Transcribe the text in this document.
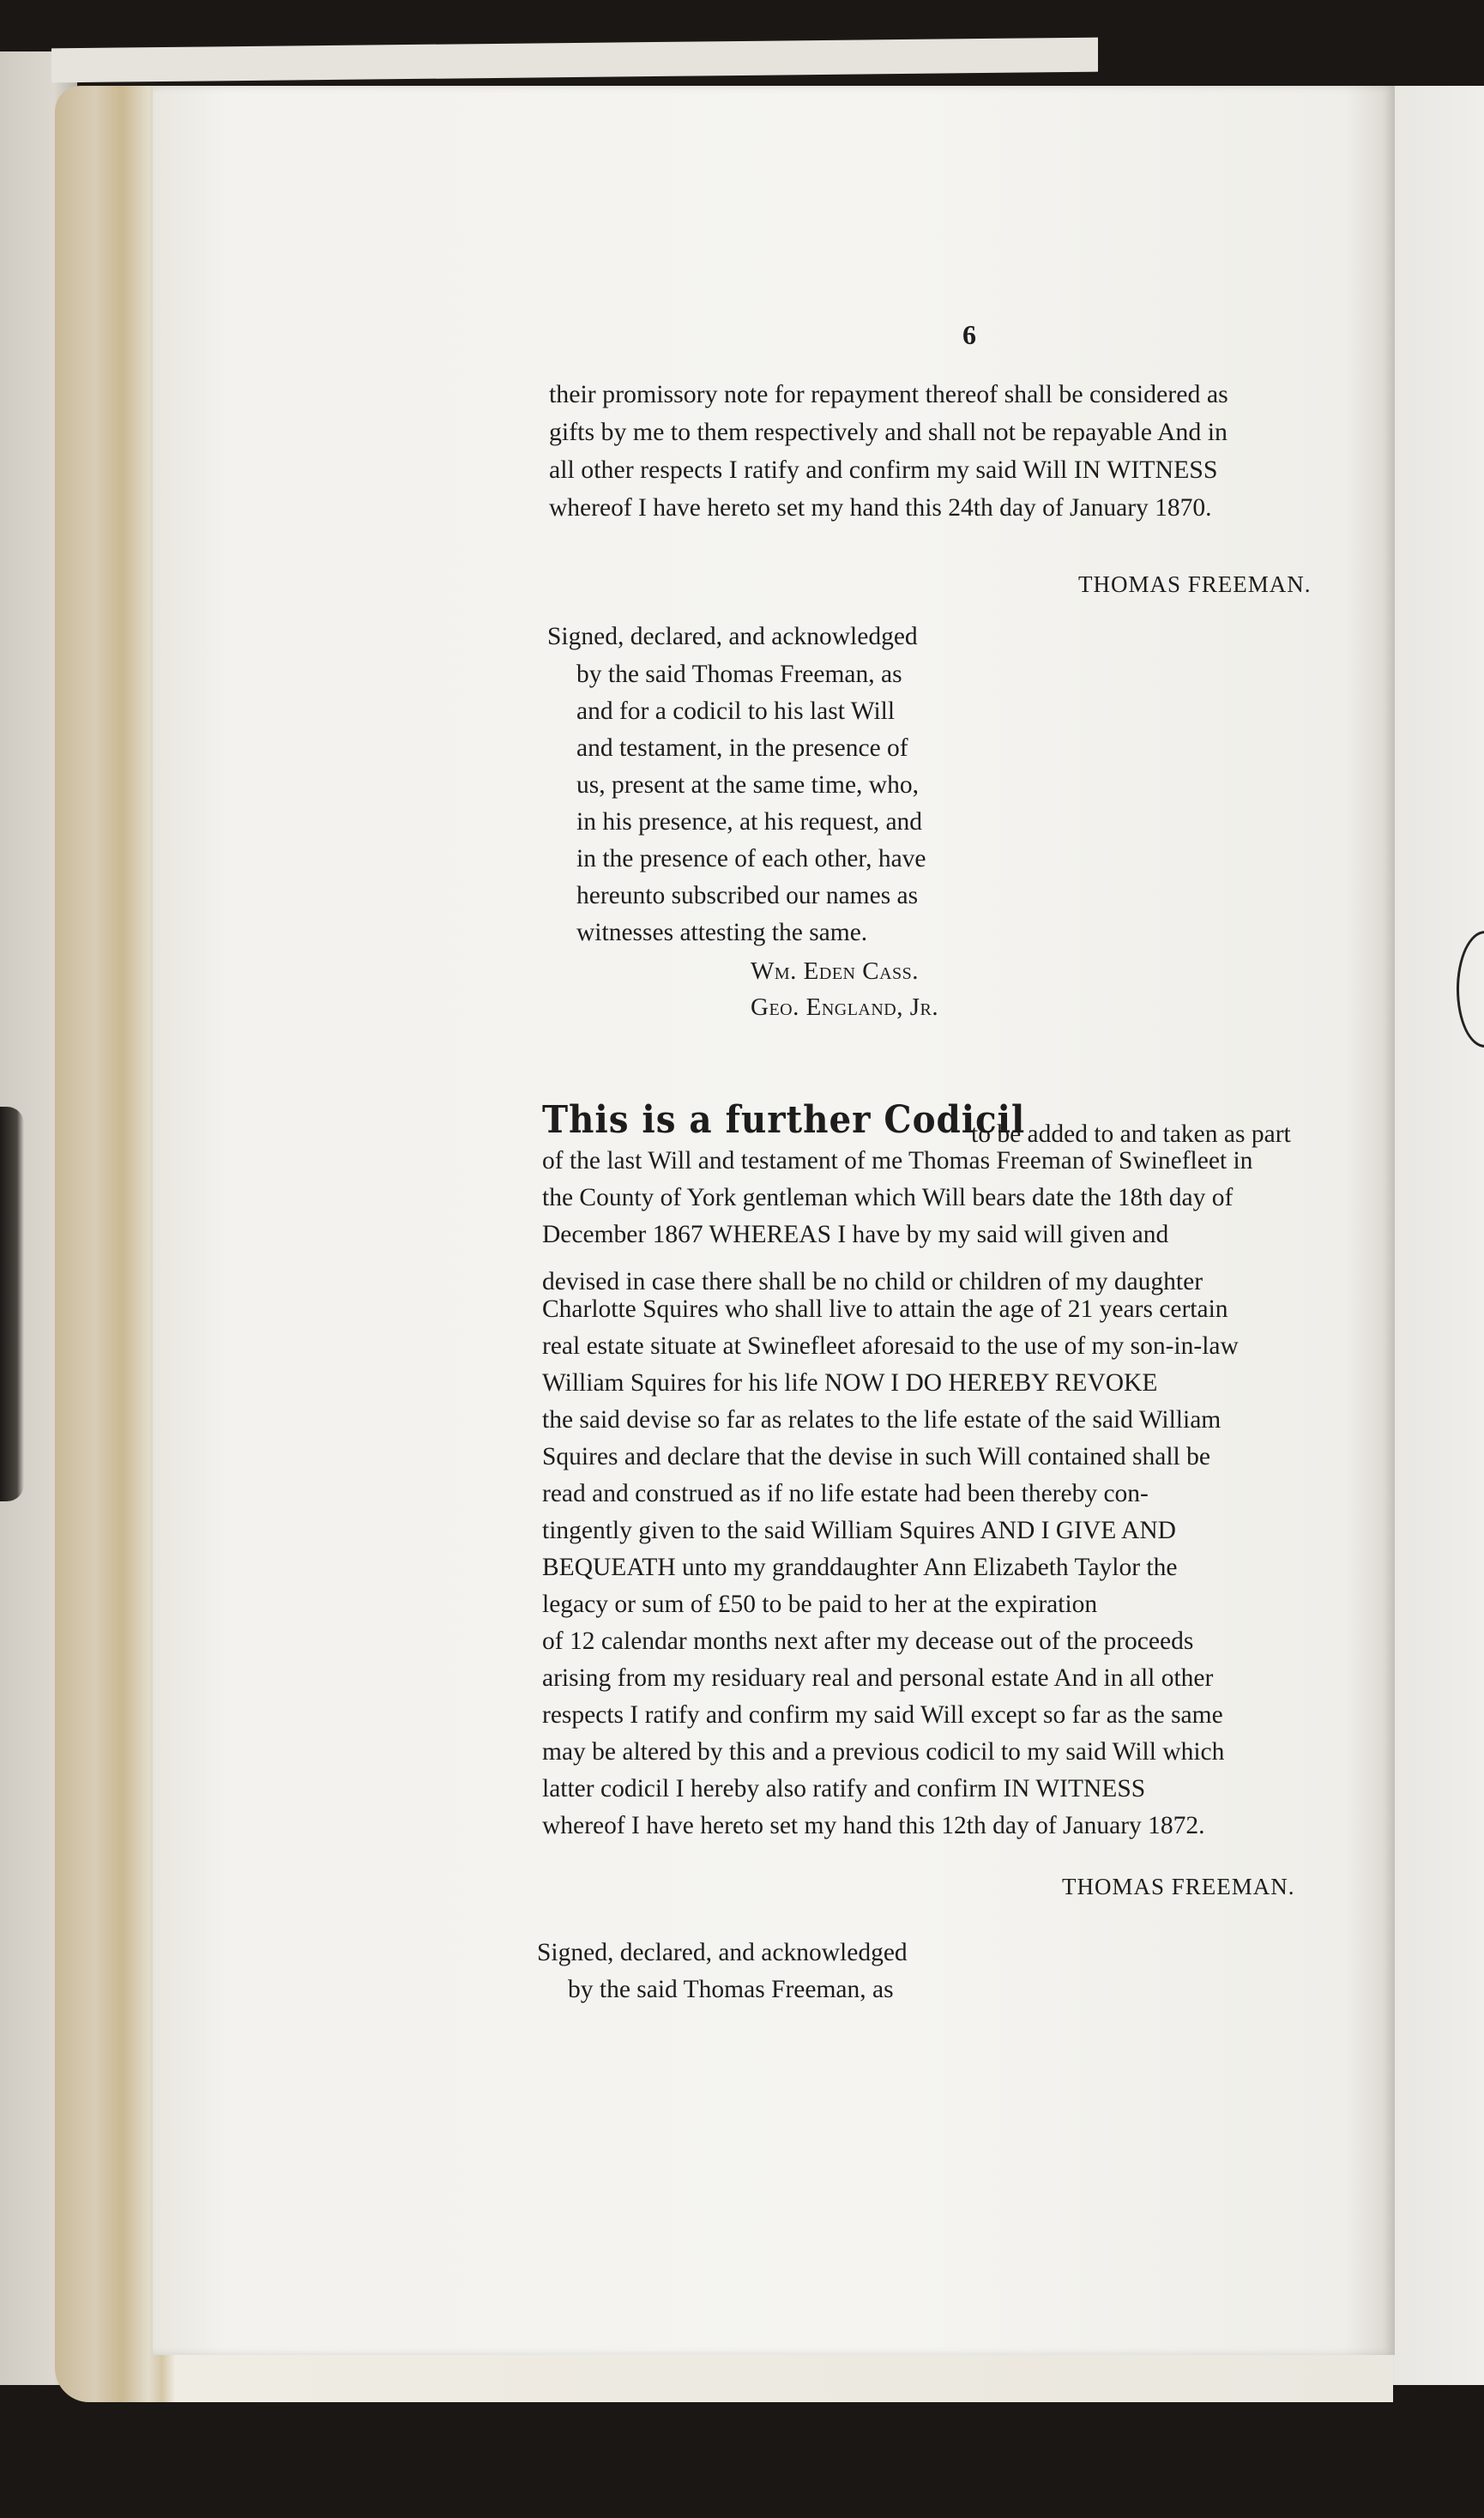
6
their promissory note for repayment thereof shall be considered as
gifts by me to them respectively and shall not be repayable And in
all other respects I ratify and confirm my said Will IN WITNESS
whereof I have hereto set my hand this 24th day of January 1870.
THOMAS FREEMAN.
Signed, declared, and acknowledged
by the said Thomas Freeman, as
and for a codicil to his last Will
and testament, in the presence of
us, present at the same time, who,
in his presence, at his request, and
in the presence of each other, have
hereunto subscribed our names as
witnesses attesting the same.
Wm. Eden Cass.
Geo. England, Jr.
This is a further Codicil
to be added to and taken as part
of the last Will and testament of me Thomas Freeman of Swinefleet in
the County of York gentleman which Will bears date the 18th day of
December 1867 WHEREAS I have by my said will given and
devised in case there shall be no child or children of my daughter
Charlotte Squires who shall live to attain the age of 21 years certain
real estate situate at Swinefleet aforesaid to the use of my son-in-law
William Squires for his life NOW I DO HEREBY REVOKE
the said devise so far as relates to the life estate of the said William
Squires and declare that the devise in such Will contained shall be
read and construed as if no life estate had been thereby con-
tingently given to the said William Squires AND I GIVE AND
BEQUEATH unto my granddaughter Ann Elizabeth Taylor the
legacy or sum of £50 to be paid to her at the expiration
of 12 calendar months next after my decease out of the proceeds
arising from my residuary real and personal estate And in all other
respects I ratify and confirm my said Will except so far as the same
may be altered by this and a previous codicil to my said Will which
latter codicil I hereby also ratify and confirm IN WITNESS
whereof I have hereto set my hand this 12th day of January 1872.
THOMAS FREEMAN.
Signed, declared, and acknowledged
by the said Thomas Freeman, as
